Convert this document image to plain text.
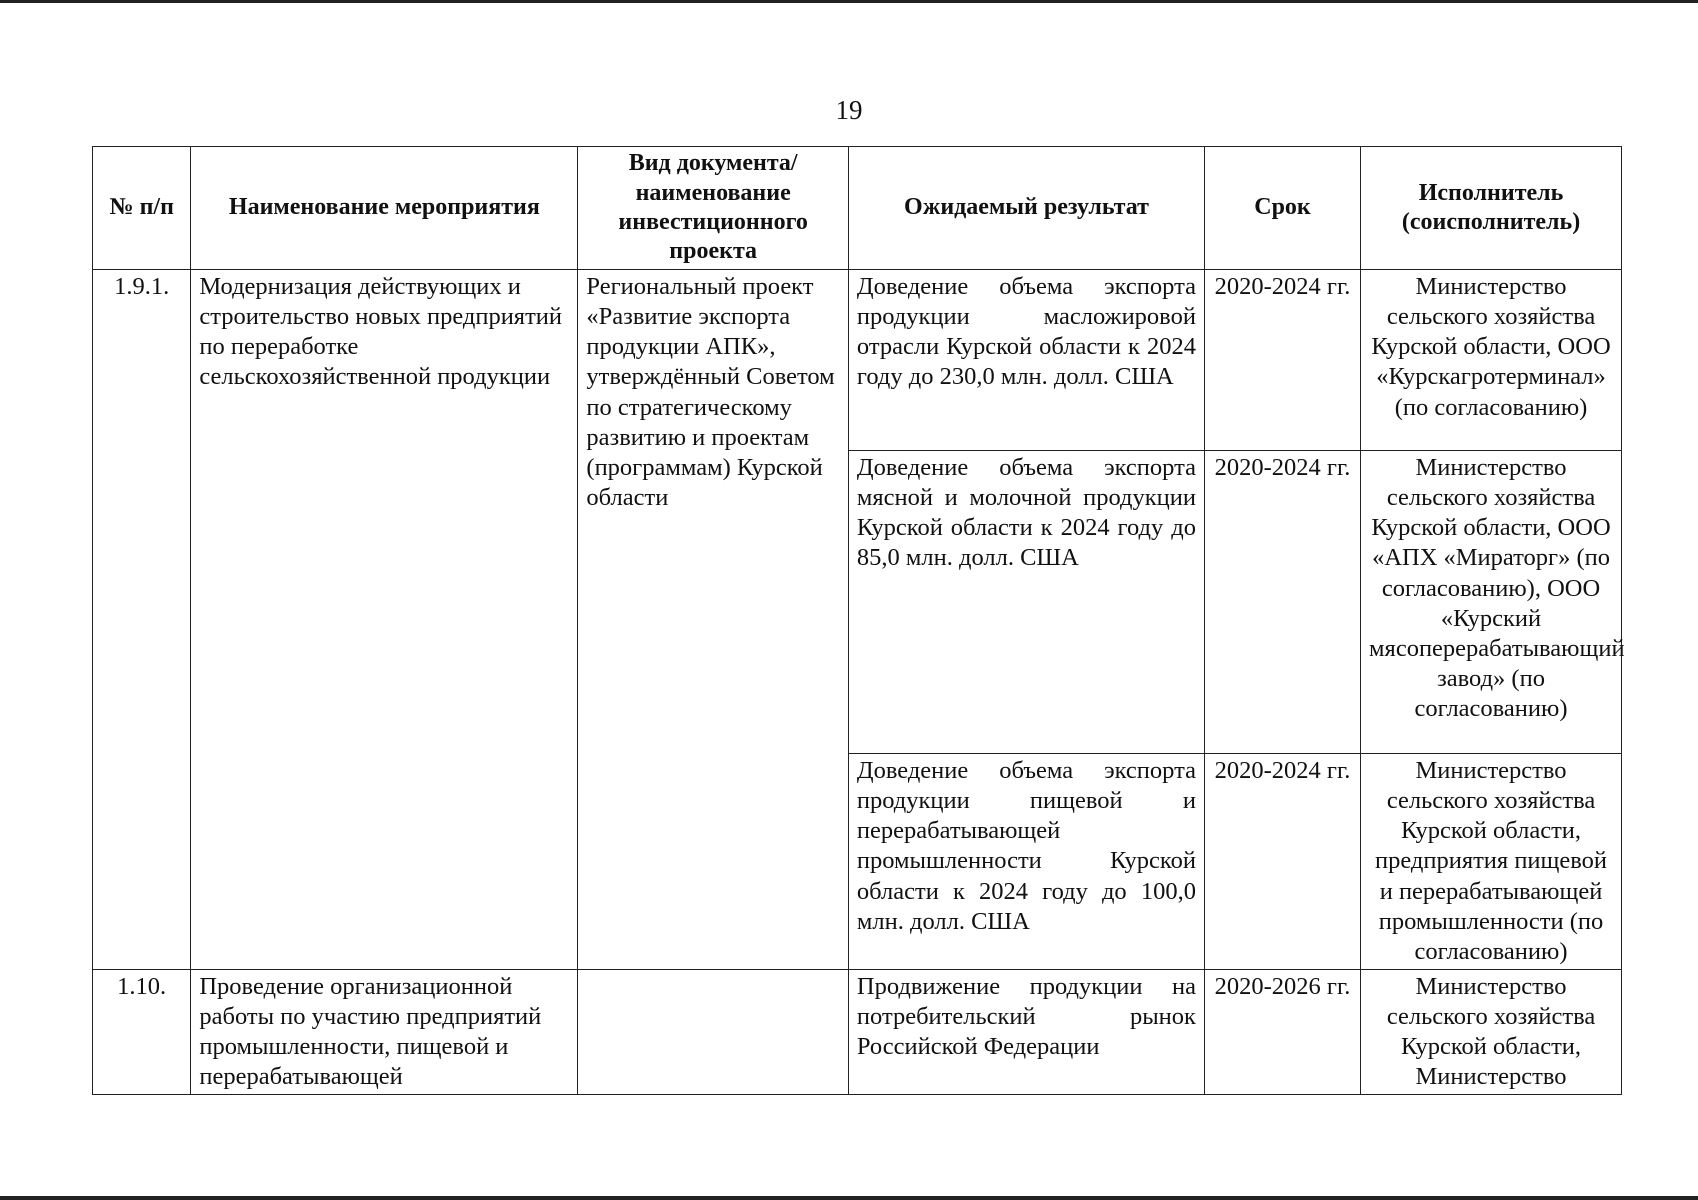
19
№ п/п	Наименование мероприятия	Вид документа/ наименование инвестиционного проекта	Ожидаемый результат	Срок	Исполнитель (соисполнитель)
1.9.1.	Модернизация действующих и строительство новых предприятий по переработке сельскохозяйственной продукции	Региональный проект «Развитие экспорта продукции АПК», утверждённый Советом по стратегическому развитию и проектам (программам) Курской области	Доведение объема экспорта продукции масложировой отрасли Курской области к 2024 году до 230,0 млн. долл. США	2020-2024 гг.	Министерство сельского хозяйства Курской области, ООО «Курскагротерминал» (по согласованию)
			Доведение объема экспорта мясной и молочной продукции Курской области к 2024 году до 85,0 млн. долл. США	2020-2024 гг.	Министерство сельского хозяйства Курской области, ООО «АПХ «Мираторг» (по согласованию), ООО «Курский мясоперерабатывающий завод» (по согласованию)
			Доведение объема экспорта продукции пищевой и перерабатывающей промышленности Курской области к 2024 году до 100,0 млн. долл. США	2020-2024 гг.	Министерство сельского хозяйства Курской области, предприятия пищевой и перерабатывающей промышленности (по согласованию)
1.10.	Проведение организационной работы по участию предприятий промышленности, пищевой и перерабатывающей		Продвижение продукции на потребительский рынок Российской Федерации	2020-2026 гг.	Министерство сельского хозяйства Курской области, Министерство
